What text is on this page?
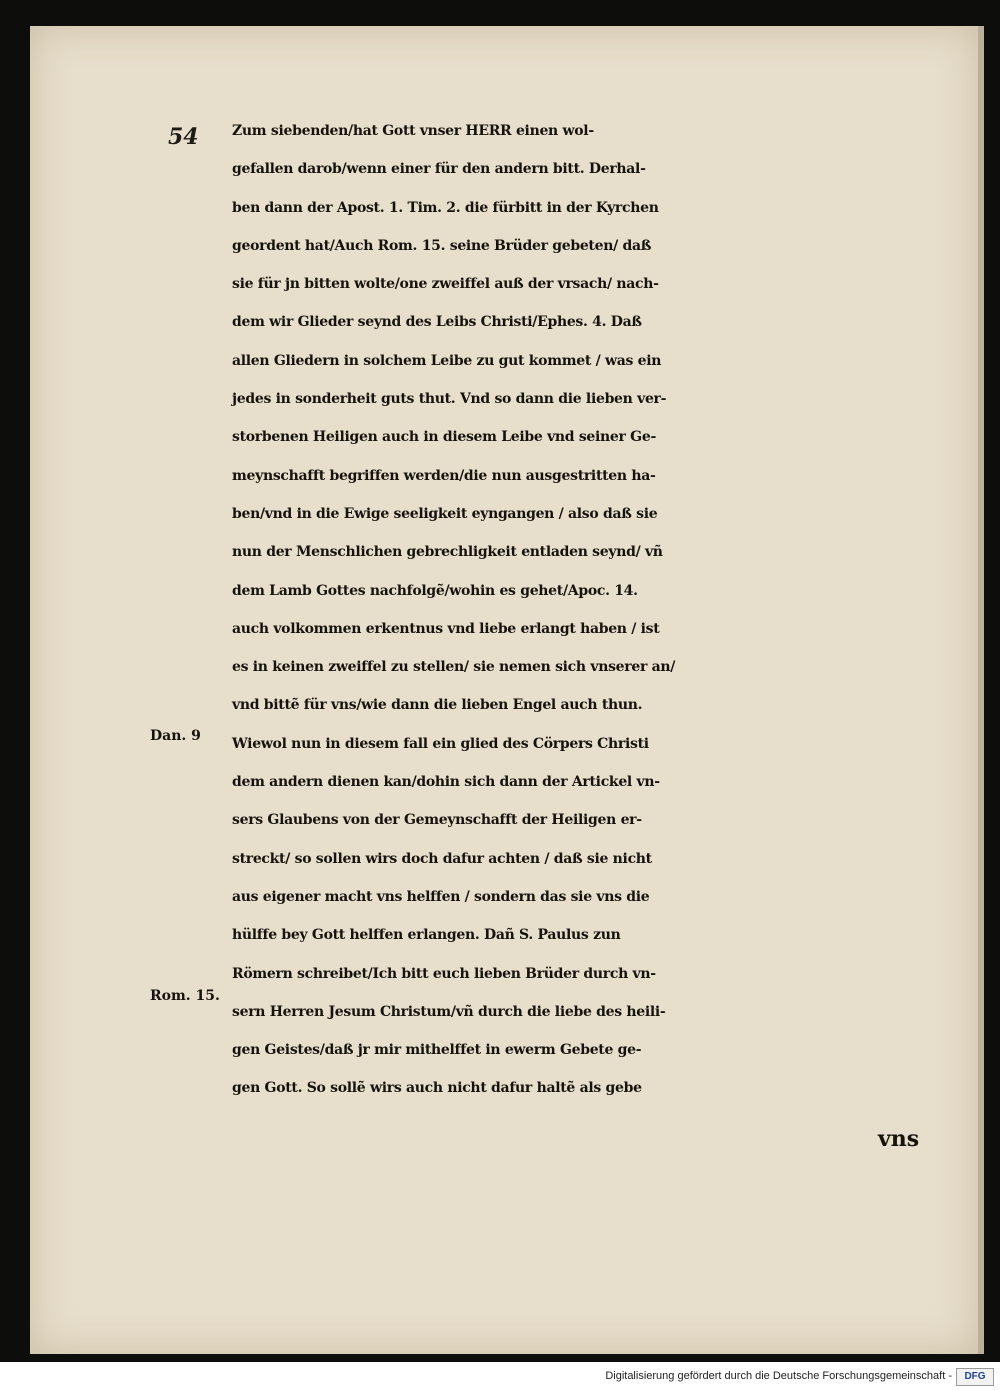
54 Zum siebenden/hat Gott vnser HERR einen wol-
gefallen darob/wenn einer für den andern bitt. Derhal-
ben dann der Apost. 1. Tim. 2. die fürbitt in der Kyrchen
geordent hat/Auch Rom. 15. seine Brüder gebeten/ daß
sie für jn bitten wolte/one zweiffel auß der vrsach/ nach-
dem wir Glieder seynd des Leibs Christi/Ephes. 4. Daß
allen Gliedern in solchem Leibe zu gut kommet / was ein
jedes in sonderheit guts thut. Vnd so dann die lieben ver-
storbenen Heiligen auch in diesem Leibe vnd seiner Ge-
meynschafft begriffen werden/die nun ausgestritten ha-
ben/vnd in die Ewige seeligkeit eyngangen / also daß sie
nun der Menschlichen gebrechligkeit entladen seynd/ vñ
dem Lamb Gottes nachfolgẽ/wohin es gehet/Apoc. 14.
auch volkommen erkentnus vnd liebe erlangt haben / ist
es in keinen zweiffel zu stellen/ sie nemen sich vnserer an/
vnd bittẽ für vns/wie dann die lieben Engel auch thun.
Wiewol nun in diesem fall ein glied des Cörpers Christi
dem andern dienen kan/dohin sich dann der Artickel vn-
sers Glaubens von der Gemeynschafft der Heiligen er-
streckt/ so sollen wirs doch dafur achten / daß sie nicht
aus eigener macht vns helffen / sondern das sie vns die
hülffe bey Gott helffen erlangen. Dañ S. Paulus zun
Römern schreibet/Ich bitt euch lieben Brüder durch vn-
sern Herren Jesum Christum/vñ durch die liebe des heili-
gen Geistes/daß jr mir mithelffet in ewerm Gebete ge-
gen Gott. So sollẽ wirs auch nicht dafur haltẽ als gebe
Dan. 9
Rom. 15.
vns
Digitalisierung gefördert durch die Deutsche Forschungsgemeinschaft -	DFG
